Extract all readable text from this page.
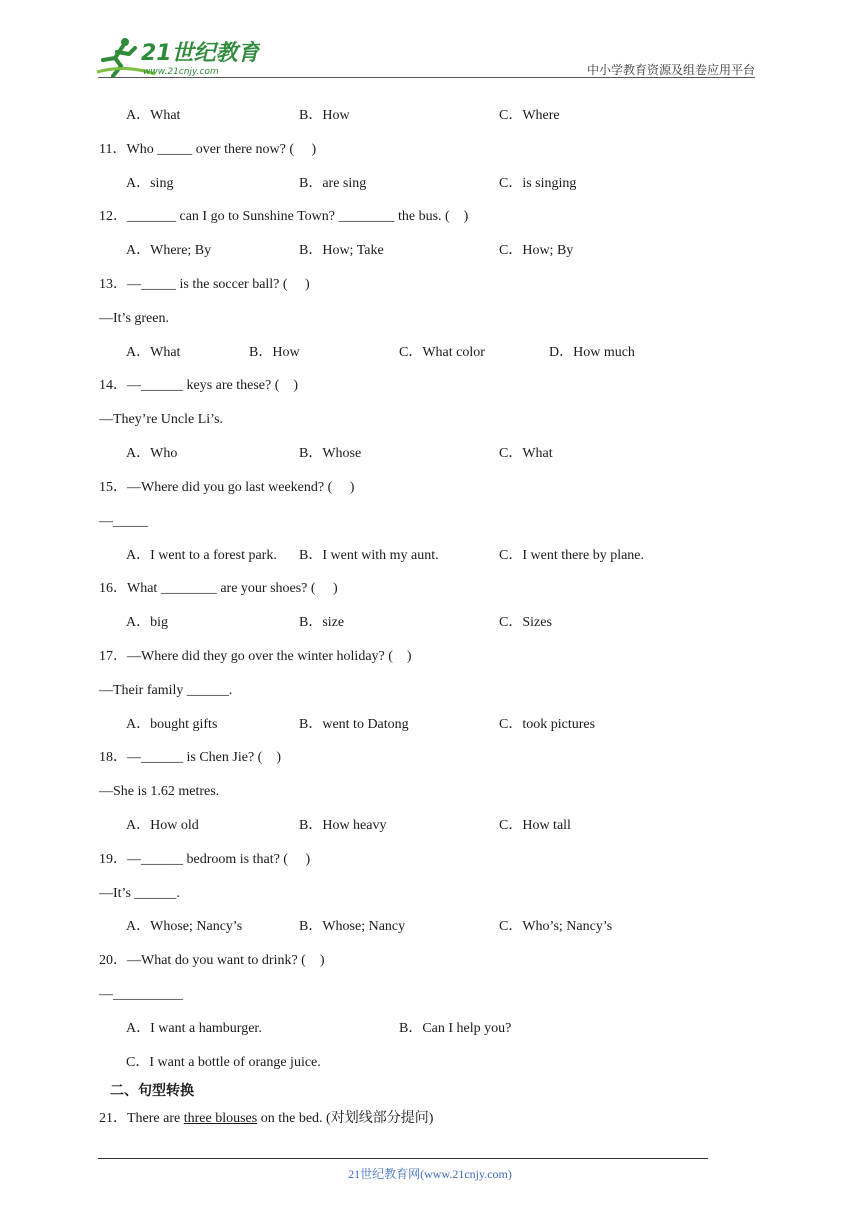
21世纪教育
www.21cnjy.com	中小学教育资源及组卷应用平台
A．What	B．How	C．Where
11．Who _____ over there now? (　 )
A．sing	B．are sing	C．is singing
12．_______ can I go to Sunshine Town? ________ the bus. (　)
A．Where; By	B．How; Take	C．How; By
13．—_____ is the soccer ball? (　 )
—It’s green.
A．What	B．How	C．What color	D．How much
14．—______ keys are these? (　)
—They’re Uncle Li’s.
A．Who	B．Whose	C．What
15．—Where did you go last weekend? (　 )
—_____
A．I went to a forest park. B．I went with my aunt.	C．I went there by plane.
16．What ________ are your shoes? (　 )
A．big	B．size	C．Sizes
17．—Where did they go over the winter holiday? (　)
—Their family ______.
A．bought gifts	B．went to Datong	C．took pictures
18．—______ is Chen Jie? (　)
—She is 1.62 metres.
A．How old	B．How heavy	C．How tall
19．—______ bedroom is that? (　 )
—It’s ______.
A．Whose; Nancy’s	B．Whose; Nancy	C．Who’s; Nancy’s
20．—What do you want to drink? (　)
—__________
A．I want a hamburger.	B．Can I help you?
C．I want a bottle of orange juice.
二、句型转换
21．There are three blouses on the bed. (对划线部分提问)
21世纪教育网(www.21cnjy.com)
